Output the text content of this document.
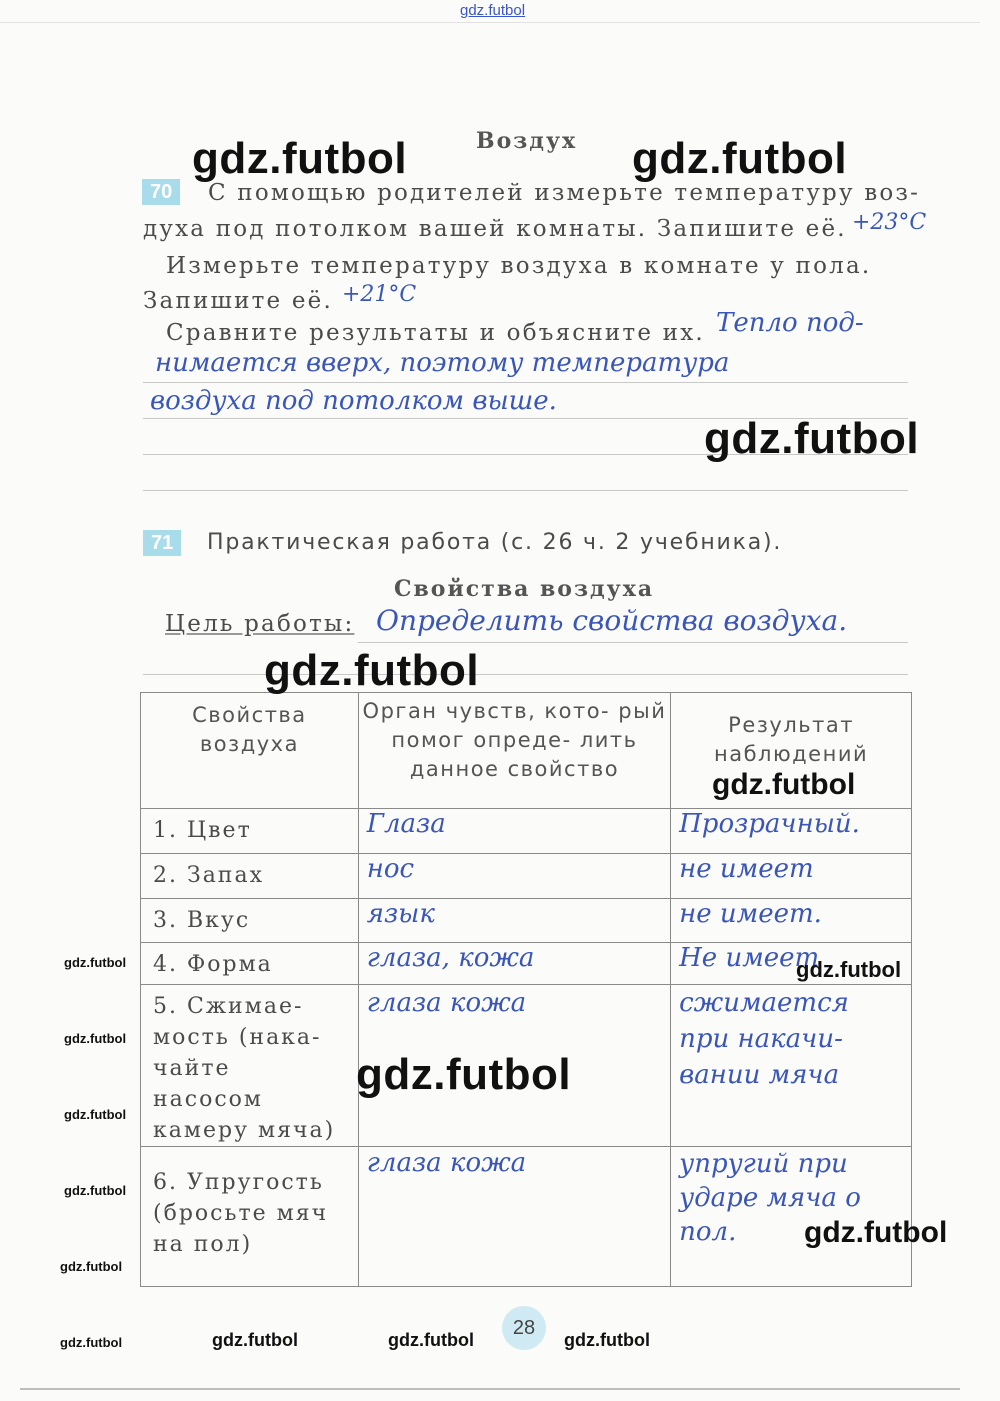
gdz.futbol
Воздух
70	С помощью родителей измерьте температуру воз-
духа под потолком вашей комнаты. Запишите её. +23°С
Измерьте температуру воздуха в комнате у пола.
Запишите её. +21°С
Сравните результаты и объясните их. Тепло под-
нимается вверх, поэтому температура
воздуха под потолком выше.
71	Практическая работа (с. 26 ч. 2 учебника).
Свойства воздуха
Цель работы: Определить свойства воздуха.
Свойства воздуха	Орган чувств, кото- рый помог опреде- лить данное свойство	Результат наблюдений
1. Цвет	Глаза	Прозрачный.
2. Запах	нос	не имеет
3. Вкус	язык	не имеет.
4. Форма	глаза, кожа	Не имеет
5. Сжимае- мость (нака- чайте насосом камеру мяча)	глаза кожа	сжимается при накачи- вании мяча
6. Упругость (бросьте мяч на пол)	глаза кожа	упругий при ударе мяча о пол.
gdz.futbol	gdz.futbol
gdz.futbol
gdz.futbol
gdz.futbol
gdz.futbol
gdz.futbol
gdz.futbol
gdz.futbol
gdz.futbol
gdz.futbol
gdz.futbol
gdz.futbol
gdz.futbol	gdz.futbol	gdz.futbol	gdz.futbol
28
